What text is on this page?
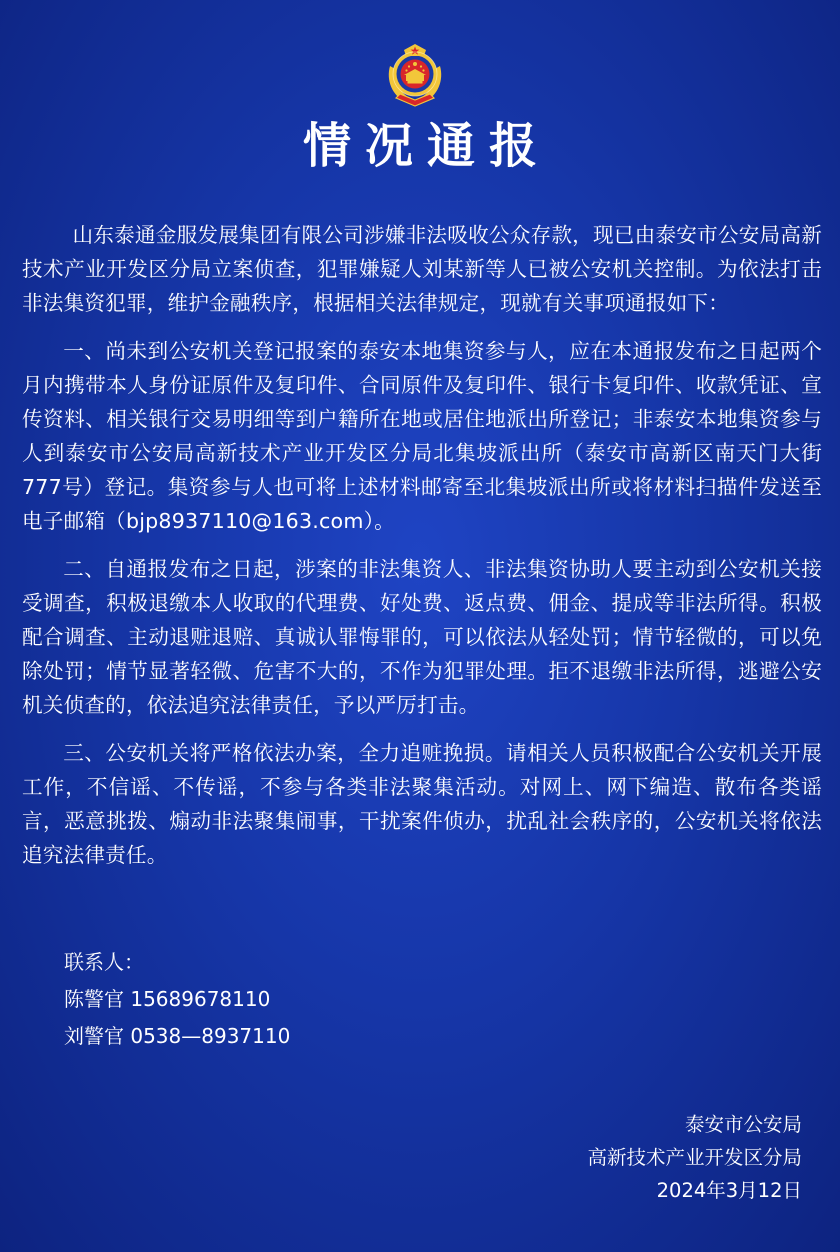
情况通报

山东泰通金服发展集团有限公司涉嫌非法吸收公众存款，现已由泰安市公安局高新技术产业开发区分局立案侦查，犯罪嫌疑人刘某新等人已被公安机关控制。为依法打击非法集资犯罪，维护金融秩序，根据相关法律规定，现就有关事项通报如下：

一、尚未到公安机关登记报案的泰安本地集资参与人，应在本通报发布之日起两个月内携带本人身份证原件及复印件、合同原件及复印件、银行卡复印件、收款凭证、宣传资料、相关银行交易明细等到户籍所在地或居住地派出所登记；非泰安本地集资参与人到泰安市公安局高新技术产业开发区分局北集坡派出所（泰安市高新区南天门大街777号）登记。集资参与人也可将上述材料邮寄至北集坡派出所或将材料扫描件发送至电子邮箱（bjp8937110@163.com）。

二、自通报发布之日起，涉案的非法集资人、非法集资协助人要主动到公安机关接受调查，积极退缴本人收取的代理费、好处费、返点费、佣金、提成等非法所得。积极配合调查、主动退赃退赔、真诚认罪悔罪的，可以依法从轻处罚；情节轻微的，可以免除处罚；情节显著轻微、危害不大的，不作为犯罪处理。拒不退缴非法所得，逃避公安机关侦查的，依法追究法律责任，予以严厉打击。

三、公安机关将严格依法办案，全力追赃挽损。请相关人员积极配合公安机关开展工作，不信谣、不传谣，不参与各类非法聚集活动。对网上、网下编造、散布各类谣言，恶意挑拨、煽动非法聚集闹事，干扰案件侦办，扰乱社会秩序的，公安机关将依法追究法律责任。

联系人：
陈警官 15689678110
刘警官 0538—8937110
泰安市公安局
高新技术产业开发区分局
2024年3月12日
